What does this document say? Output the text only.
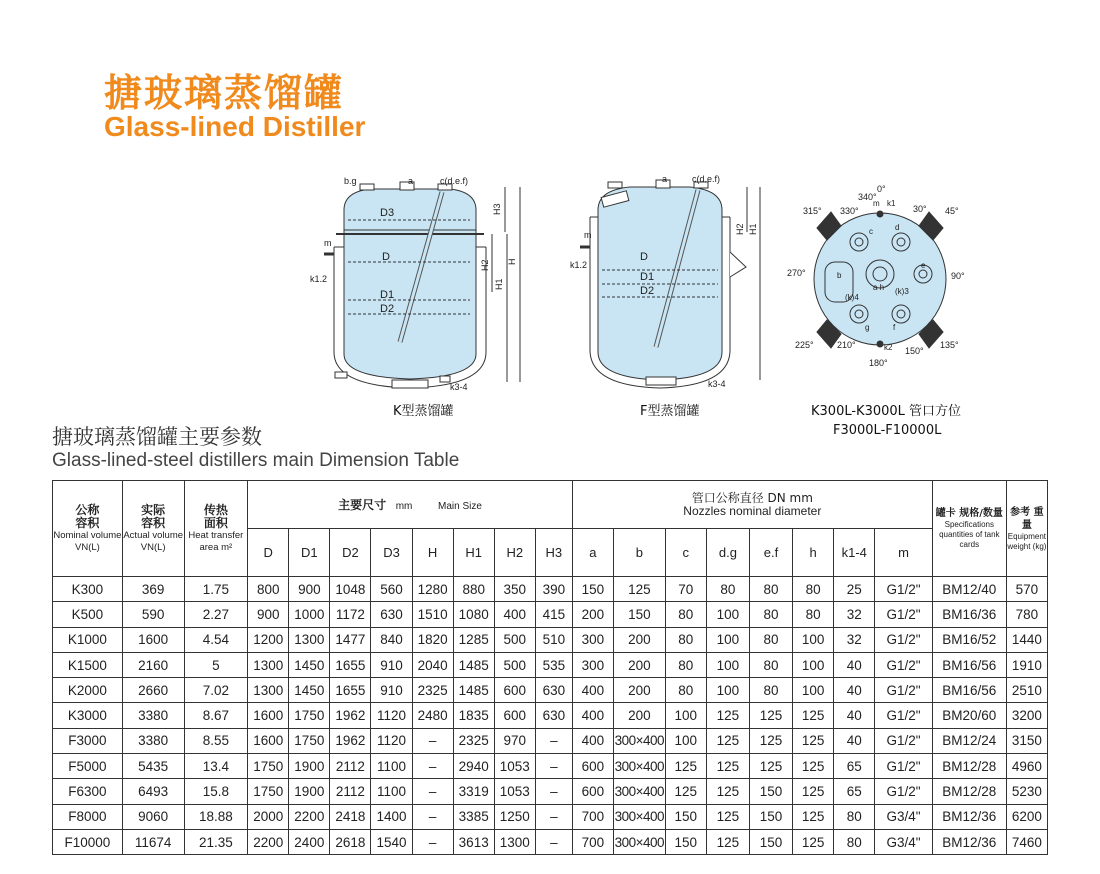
搪玻璃蒸馏罐
Glass-lined Distiller
b.g	a	c(d.e.f)
D3
D
D1
D2
m
k1.2
k3-4
H3
H2
H1
H
K型蒸馏罐
a	c(d.e.f)
D
D1
D2
m
k1.2
k3-4
H2 H1
F型蒸馏罐
340°
0°
330°
315°	30° 45°
270°	90°
225°	210°
180°
150°
135°
m k1
c	d
b
e
a h
(k)4
(k)3
g	f
k2
K300L-K3000L 管口方位
F3000L-F10000L
搪玻璃蒸馏罐主要参数
Glass-lined-steel distillers main Dimension Table
公称
容积
Nominal volume VN(L)	实际
容积
Actual volume VN(L)	传热
面积
Heat transfer area m²	主要尺寸 mm Main Size								管口公称直径 DN mm
Nozzles nominal diameter								罐卡 规格/数量
Specifications quantities of tank cards	参考 重量
Equipment weight (kg)

			D	D1	D2	D3	H	H1	H2	H3	a	b	c	d.g	e.f	h	k1-4	m		
K300	369	1.75	800	900	1048	560	1280	880	350	390	150	125	70	80	80	80	25	G1/2"	BM12/40	570
K500	590	2.27	900	1000	1172	630	1510	1080	400	415	200	150	80	100	80	80	32	G1/2"	BM16/36	780
K1000	1600	4.54	1200	1300	1477	840	1820	1285	500	510	300	200	80	100	80	100	32	G1/2"	BM16/52	1440
K1500	2160	5	1300	1450	1655	910	2040	1485	500	535	300	200	80	100	80	100	40	G1/2"	BM16/56	1910
K2000	2660	7.02	1300	1450	1655	910	2325	1485	600	630	400	200	80	100	80	100	40	G1/2"	BM16/56	2510
K3000	3380	8.67	1600	1750	1962	1120	2480	1835	600	630	400	200	100	125	125	125	40	G1/2"	BM20/60	3200
F3000	3380	8.55	1600	1750	1962	1120	–	2325	970	–	400	300×400	100	125	125	125	40	G1/2"	BM12/24	3150
F5000	5435	13.4	1750	1900	2112	1100	–	2940	1053	–	600	300×400	125	125	125	125	65	G1/2"	BM12/28	4960
F6300	6493	15.8	1750	1900	2112	1100	–	3319	1053	–	600	300×400	125	125	150	125	65	G1/2"	BM12/28	5230
F8000	9060	18.88	2000	2200	2418	1400	–	3385	1250	–	700	300×400	150	125	150	125	80	G3/4"	BM12/36	6200
F10000	11674	21.35	2200	2400	2618	1540	–	3613	1300	–	700	300×400	150	125	150	125	80	G3/4"	BM12/36	7460
